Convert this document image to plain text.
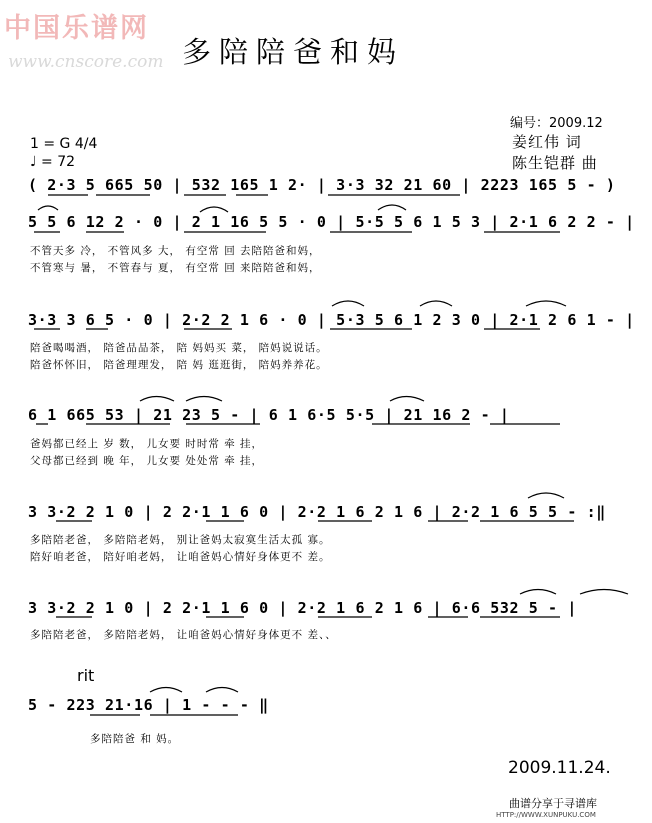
中国乐谱网
www.cnscore.com 多陪陪爸和妈
编号：2009.12
1 = G 4/4
♩ = 72
姜红伟 词
陈生铠群 曲
( 2·3 5 665 50 | 532 165 1 2· | 3·3 32 21 60 | 2223 165 5 - )
5 5 6 12 2 · 0 | 2 1 16 5 5 · 0 | 5·5 5 6 1 5 3 | 2·1 6 2 2 - |
不管天多 冷， 不管风多 大， 有空常 回 去陪陪爸和妈，
不管寒与 暑， 不管春与 夏， 有空常 回 来陪陪爸和妈，
3·3 3 6 5 · 0 | 2·2 2 1 6 · 0 | 5·3 5 6 1 2 3 0 | 2·1 2 6 1 - |
陪爸喝喝酒， 陪爸品品茶， 陪 妈妈买 菜， 陪妈说说话。
陪爸怀怀旧， 陪爸理理发， 陪 妈 逛逛街， 陪妈养养花。
6 1 665 53 | 21 23 5 - | 6 1 6·5 5·5 | 21 16 2 - |
爸妈都已经上 岁 数， 儿女要 时时常 牵 挂，
父母都已经到 晚 年， 儿女要 处处常 牵 挂，
3 3·2 2 1 0 | 2 2·1 1 6 0 | 2·2 1 6 2 1 6 | 2·2 1 6 5 5 - :‖
多陪陪老爸， 多陪陪老妈， 别让爸妈太寂寞生活太孤 寡。
陪好咱老爸， 陪好咱老妈， 让咱爸妈心情好身体更不 差。
3 3·2 2 1 0 | 2 2·1 1 6 0 | 2·2 1 6 2 1 6 | 6·6 532 5 - |
多陪陪老爸， 多陪陪老妈， 让咱爸妈心情好身体更不 差、、
rit
5 - 223 21·16 | 1 - - - ‖
多陪陪爸 和 妈。
2009.11.24.
曲谱分享于寻谱库
HTTP://WWW.XUNPUKU.COM
